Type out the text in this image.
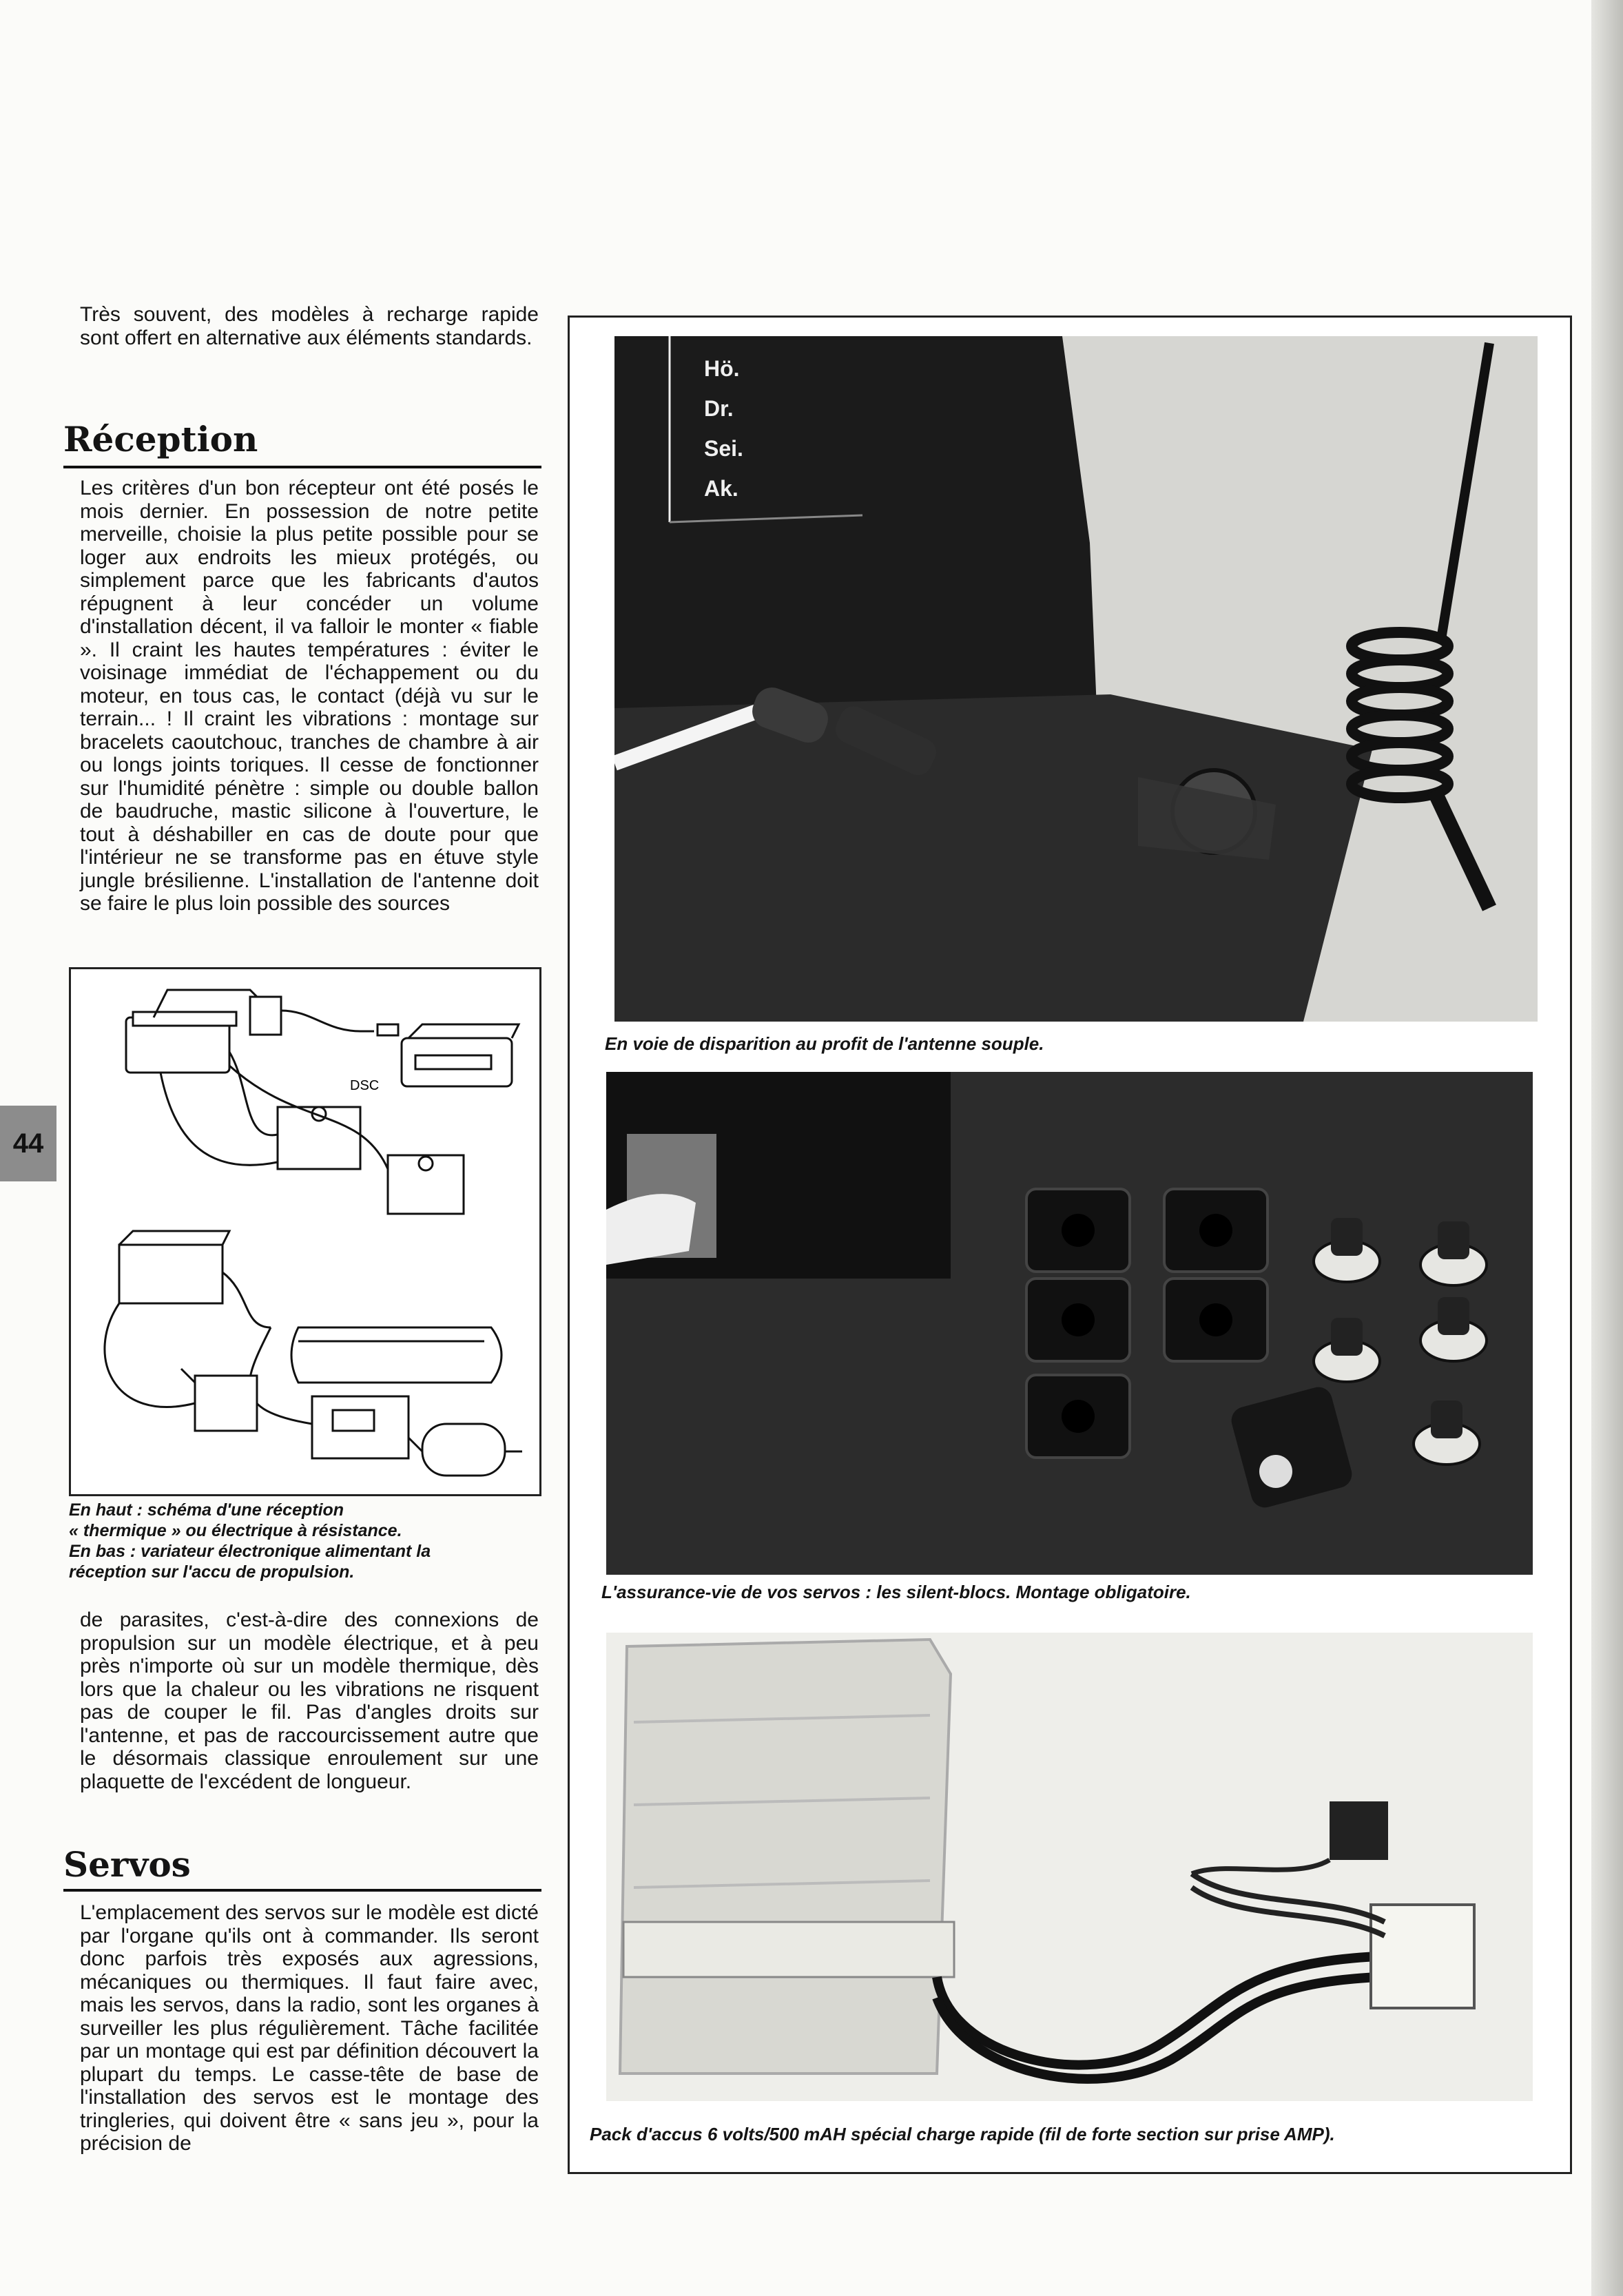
44

Très souvent, des modèles à recharge rapide sont offert en alternative aux éléments standards.

Réception

Les critères d'un bon récepteur ont été posés le mois dernier. En possession de notre petite merveille, choisie la plus petite possible pour se loger aux endroits les mieux protégés, ou simplement parce que les fabricants d'autos répugnent à leur concéder un volume d'installation décent, il va falloir le monter « fiable ». Il craint les hautes températures : éviter le voisinage immédiat de l'échappement ou du moteur, en tous cas, le contact (déjà vu sur le terrain... ! Il craint les vibrations : montage sur bracelets caoutchouc, tranches de chambre à air ou longs joints toriques. Il cesse de fonctionner sur l'humidité pénètre : simple ou double ballon de baudruche, mastic silicone à l'ouverture, le tout à déshabiller en cas de doute pour que l'intérieur ne se transforme pas en étuve style jungle brésilienne. L'installation de l'antenne doit se faire le plus loin possible des sources

DSC

En haut : schéma d'une réception

« thermique » ou électrique à résistance.

En bas : variateur électronique alimentant la

réception sur l'accu de propulsion.

de parasites, c'est-à-dire des connexions de propulsion sur un modèle électrique, et à peu près n'importe où sur un modèle thermique, dès lors que la chaleur ou les vibrations ne risquent pas de couper le fil. Pas d'angles droits sur l'antenne, et pas de raccourcissement autre que le désormais classique enroulement sur une plaquette de l'excédent de longueur.

Servos

L'emplacement des servos sur le modèle est dicté par l'organe qu'ils ont à commander. Ils seront donc parfois très exposés aux agressions, mécaniques ou thermiques. Il faut faire avec, mais les servos, dans la radio, sont les organes à surveiller les plus régulièrement. Tâche facilitée par un montage qui est par définition découvert la plupart du temps. Le casse-tête de base de l'installation des servos est le montage des tringleries, qui doivent être « sans jeu », pour la précision de

Hö.
Dr.
Sei.
Ak.

En voie de disparition au profit de l'antenne souple.

L'assurance-vie de vos servos : les silent-blocs. Montage obligatoire.

Pack d'accus 6 volts/500 mAH spécial charge rapide (fil de forte section sur prise AMP).
